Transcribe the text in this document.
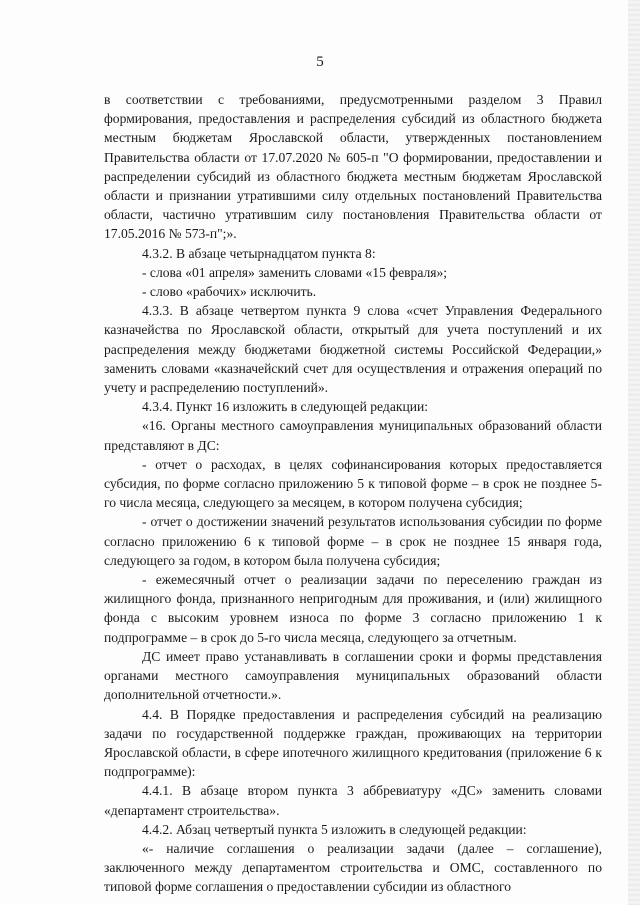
5

в соответствии с требованиями, предусмотренными разделом 3 Правил формирования, предоставления и распределения субсидий из областного бюджета местным бюджетам Ярославской области, утвержденных постановлением Правительства области от 17.07.2020 № 605-п "О формировании, предоставлении и распределении субсидий из областного бюджета местным бюджетам Ярославской области и признании утратившими силу отдельных постановлений Правительства области, частично утратившим силу постановления Правительства области от 17.05.2016 № 573-п";».

4.3.2. В абзаце четырнадцатом пункта 8:

- слова «01 апреля» заменить словами «15 февраля»;

- слово «рабочих» исключить.

4.3.3. В абзаце четвертом пункта 9 слова «счет Управления Федерального казначейства по Ярославской области, открытый для учета поступлений и их распределения между бюджетами бюджетной системы Российской Федерации,» заменить словами «казначейский счет для осуществления и отражения операций по учету и распределению поступлений».

4.3.4. Пункт 16 изложить в следующей редакции:

«16. Органы местного самоуправления муниципальных образований области представляют в ДС:

- отчет о расходах, в целях софинансирования которых предоставляется субсидия, по форме согласно приложению 5 к типовой форме – в срок не позднее 5-го числа месяца, следующего за месяцем, в котором получена субсидия;

- отчет о достижении значений результатов использования субсидии по форме согласно приложению 6 к типовой форме – в срок не позднее 15 января года, следующего за годом, в котором была получена субсидия;

- ежемесячный отчет о реализации задачи по переселению граждан из жилищного фонда, признанного непригодным для проживания, и (или) жилищного фонда с высоким уровнем износа по форме 3 согласно приложению 1 к подпрограмме – в срок до 5-го числа месяца, следующего за отчетным.

ДС имеет право устанавливать в соглашении сроки и формы представления органами местного самоуправления муниципальных образований области дополнительной отчетности.».

4.4. В Порядке предоставления и распределения субсидий на реализацию задачи по государственной поддержке граждан, проживающих на территории Ярославской области, в сфере ипотечного жилищного кредитования (приложение 6 к подпрограмме):

4.4.1. В абзаце втором пункта 3 аббревиатуру «ДС» заменить словами «департамент строительства».

4.4.2. Абзац четвертый пункта 5 изложить в следующей редакции:

«- наличие соглашения о реализации задачи (далее – соглашение), заключенного между департаментом строительства и ОМС, составленного по типовой форме соглашения о предоставлении субсидии из областного
